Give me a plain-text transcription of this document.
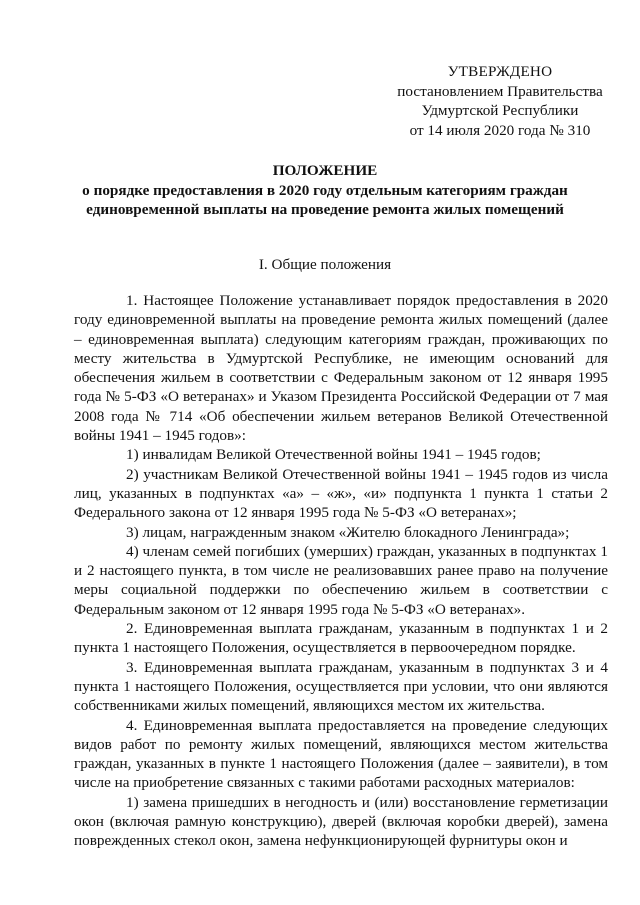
УТВЕРЖДЕНО
постановлением Правительства
Удмуртской Республики
от 14 июля 2020 года № 310
ПОЛОЖЕНИЕ
о порядке предоставления в 2020 году отдельным категориям граждан
единовременной выплаты на проведение ремонта жилых помещений
I. Общие положения

1. Настоящее Положение устанавливает порядок предоставления в 2020 году единовременной выплаты на проведение ремонта жилых помещений (далее – единовременная выплата) следующим категориям граждан, проживающих по месту жительства в Удмуртской Республике, не имеющим оснований для обеспечения жильем в соответствии с Федеральным законом от 12 января 1995 года № 5-ФЗ «О ветеранах» и Указом Президента Российской Федерации от 7 мая 2008 года № 714 «Об обеспечении жильем ветеранов Великой Отечественной войны 1941 – 1945 годов»:

1) инвалидам Великой Отечественной войны 1941 – 1945 годов;

2) участникам Великой Отечественной войны 1941 – 1945 годов из числа лиц, указанных в подпунктах «а» – «ж», «и» подпункта 1 пункта 1 статьи 2 Федерального закона от 12 января 1995 года № 5-ФЗ «О ветеранах»;

3) лицам, награжденным знаком «Жителю блокадного Ленинграда»;

4) членам семей погибших (умерших) граждан, указанных в подпунктах 1 и 2 настоящего пункта, в том числе не реализовавших ранее право на получение меры социальной поддержки по обеспечению жильем в соответствии с Федеральным законом от 12 января 1995 года № 5-ФЗ «О ветеранах».

2. Единовременная выплата гражданам, указанным в подпунктах 1 и 2 пункта 1 настоящего Положения, осуществляется в первоочередном порядке.

3. Единовременная выплата гражданам, указанным в подпунктах 3 и 4 пункта 1 настоящего Положения, осуществляется при условии, что они являются собственниками жилых помещений, являющихся местом их жительства.

4. Единовременная выплата предоставляется на проведение следующих видов работ по ремонту жилых помещений, являющихся местом жительства граждан, указанных в пункте 1 настоящего Положения (далее – заявители), в том числе на приобретение связанных с такими работами расходных материалов:

1) замена пришедших в негодность и (или) восстановление герметизации окон (включая рамную конструкцию), дверей (включая коробки дверей), замена поврежденных стекол окон, замена нефункционирующей фурнитуры окон и
